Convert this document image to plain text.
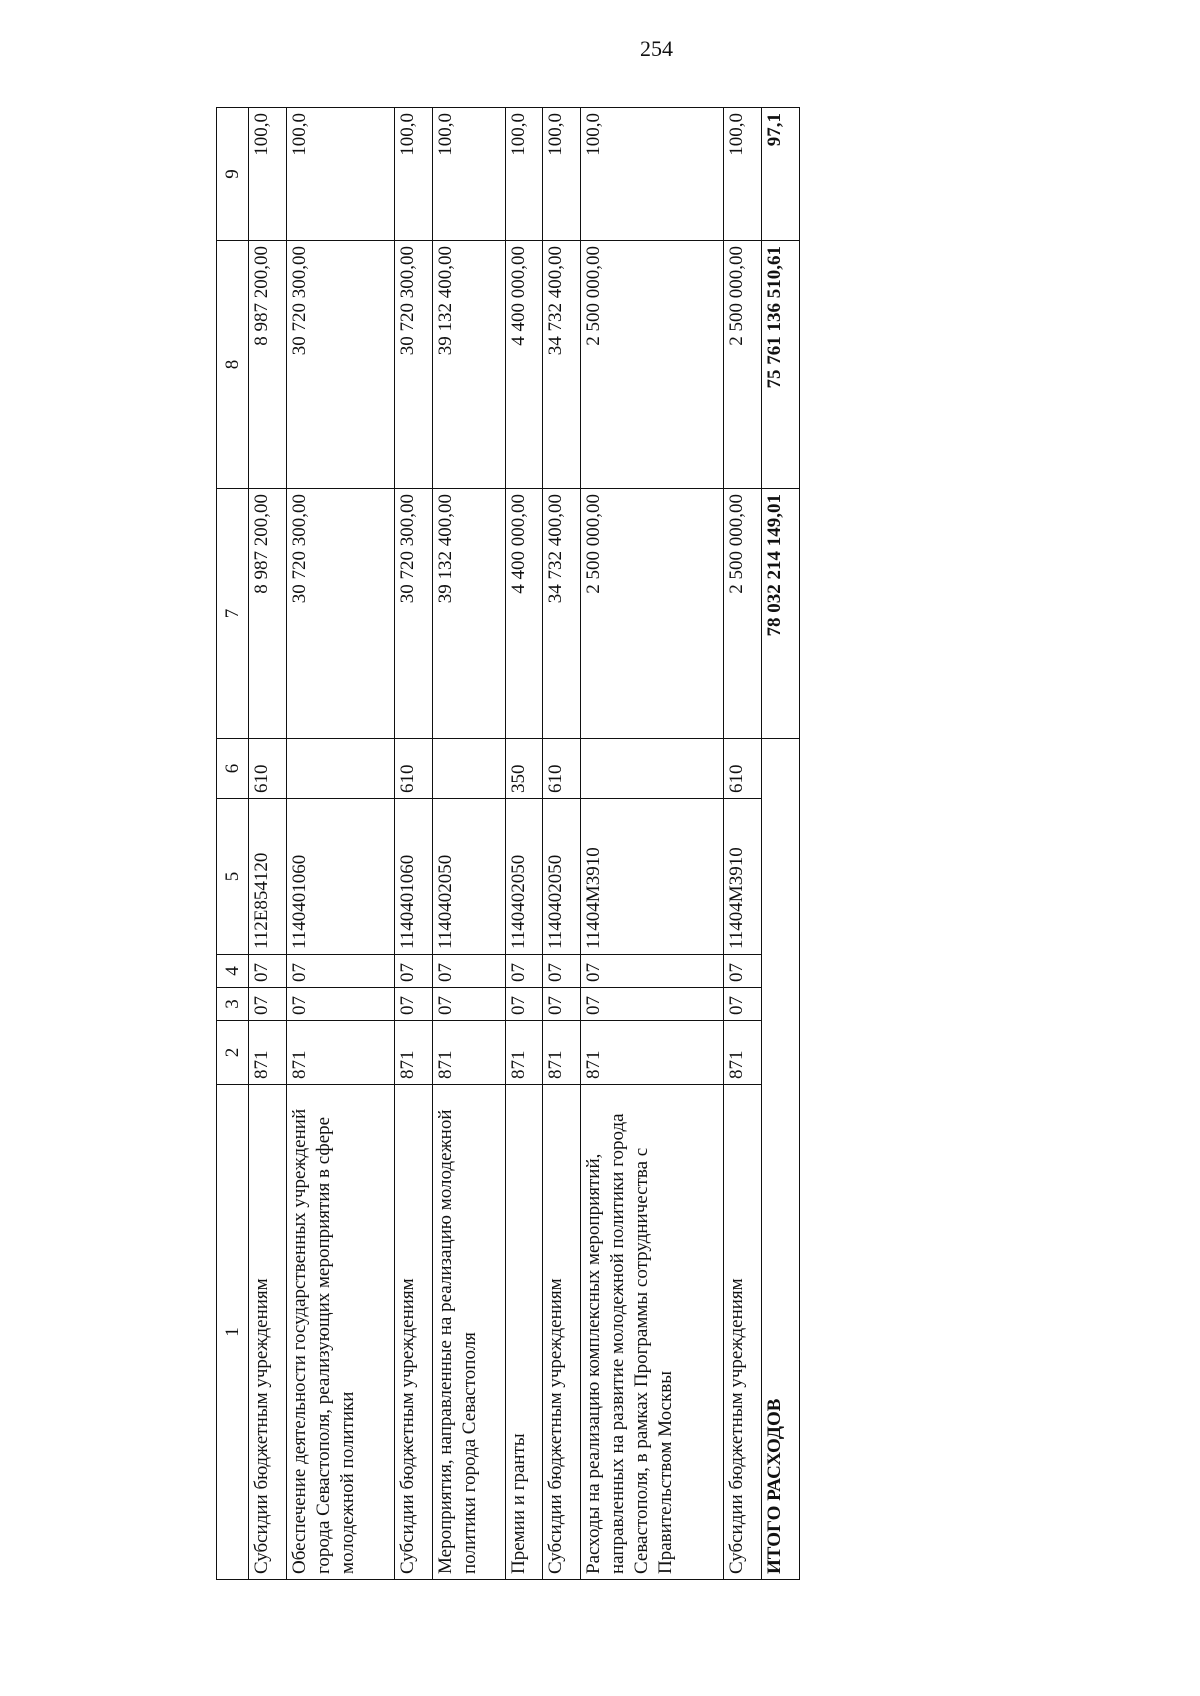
254
1	2	3	4	5	6	7	8	9
Субсидии бюджетным учреждениям	871	07	07	112E854120	610	8 987 200,00	8 987 200,00	100,0
Обеспечение деятельности государственных учреждений города Севастополя, реализующих мероприятия в сфере молодежной политики	871	07	07	1140401060		30 720 300,00	30 720 300,00	100,0
Субсидии бюджетным учреждениям	871	07	07	1140401060	610	30 720 300,00	30 720 300,00	100,0
Мероприятия, направленные на реализацию молодежной политики города Севастополя	871	07	07	1140402050		39 132 400,00	39 132 400,00	100,0
Премии и гранты	871	07	07	1140402050	350	4 400 000,00	4 400 000,00	100,0
Субсидии бюджетным учреждениям	871	07	07	1140402050	610	34 732 400,00	34 732 400,00	100,0
Расходы на реализацию комплексных мероприятий, направленных на развитие молодежной политики города Севастополя, в рамках Программы сотрудничества с Правительством Москвы	871	07	07	11404М3910		2 500 000,00	2 500 000,00	100,0
Субсидии бюджетным учреждениям	871	07	07	11404М3910	610	2 500 000,00	2 500 000,00	100,0
ИТОГО РАСХОДОВ						78 032 214 149,01	75 761 136 510,61	97,1
